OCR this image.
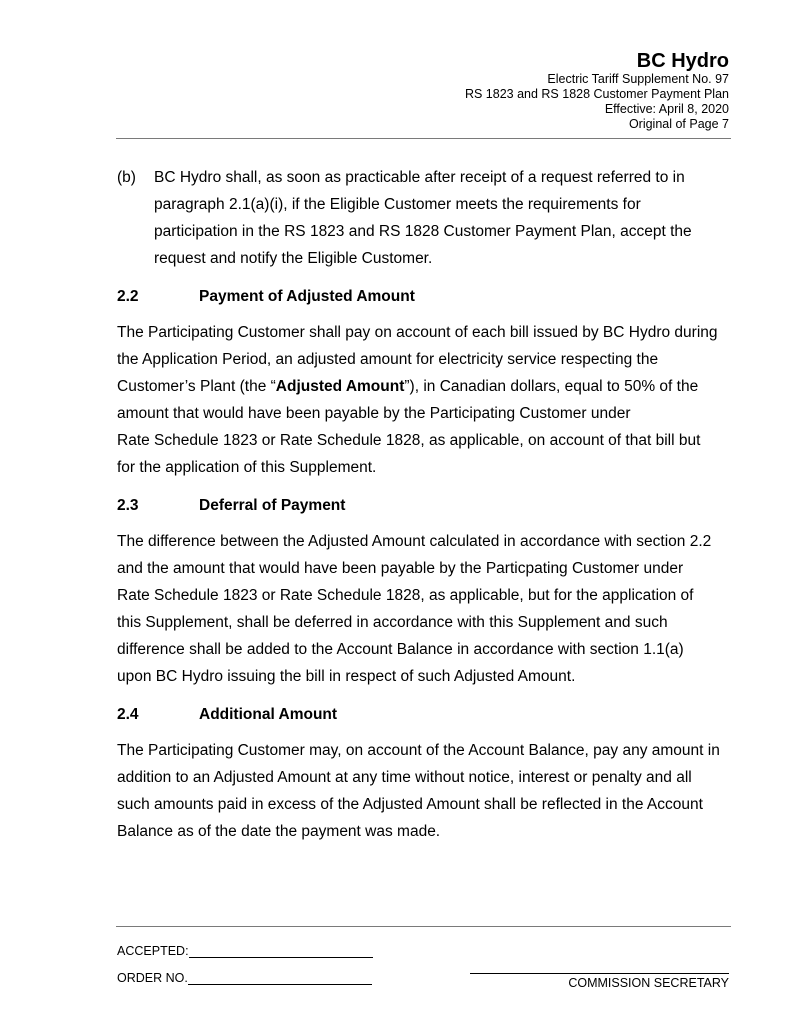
BC Hydro
Electric Tariff Supplement No. 97
RS 1823 and RS 1828 Customer Payment Plan
Effective: April 8, 2020
Original of Page 7
(b) BC Hydro shall, as soon as practicable after receipt of a request referred to in
paragraph 2.1(a)(i), if the Eligible Customer meets the requirements for
participation in the RS 1823 and RS 1828 Customer Payment Plan, accept the
request and notify the Eligible Customer.
2.2	Payment of Adjusted Amount
The Participating Customer shall pay on account of each bill issued by BC Hydro during
the Application Period, an adjusted amount for electricity service respecting the
Customer’s Plant (the “Adjusted Amount”), in Canadian dollars, equal to 50% of the
amount that would have been payable by the Participating Customer under
Rate Schedule 1823 or Rate Schedule 1828, as applicable, on account of that bill but
for the application of this Supplement.
2.3	Deferral of Payment
The difference between the Adjusted Amount calculated in accordance with section 2.2
and the amount that would have been payable by the Particpating Customer under
Rate Schedule 1823 or Rate Schedule 1828, as applicable, but for the application of
this Supplement, shall be deferred in accordance with this Supplement and such
difference shall be added to the Account Balance in accordance with section 1.1(a)
upon BC Hydro issuing the bill in respect of such Adjusted Amount.
2.4	Additional Amount
The Participating Customer may, on account of the Account Balance, pay any amount in
addition to an Adjusted Amount at any time without notice, interest or penalty and all
such amounts paid in excess of the Adjusted Amount shall be reflected in the Account
Balance as of the date the payment was made.
ACCEPTED:
ORDER NO.	COMMISSION SECRETARY
